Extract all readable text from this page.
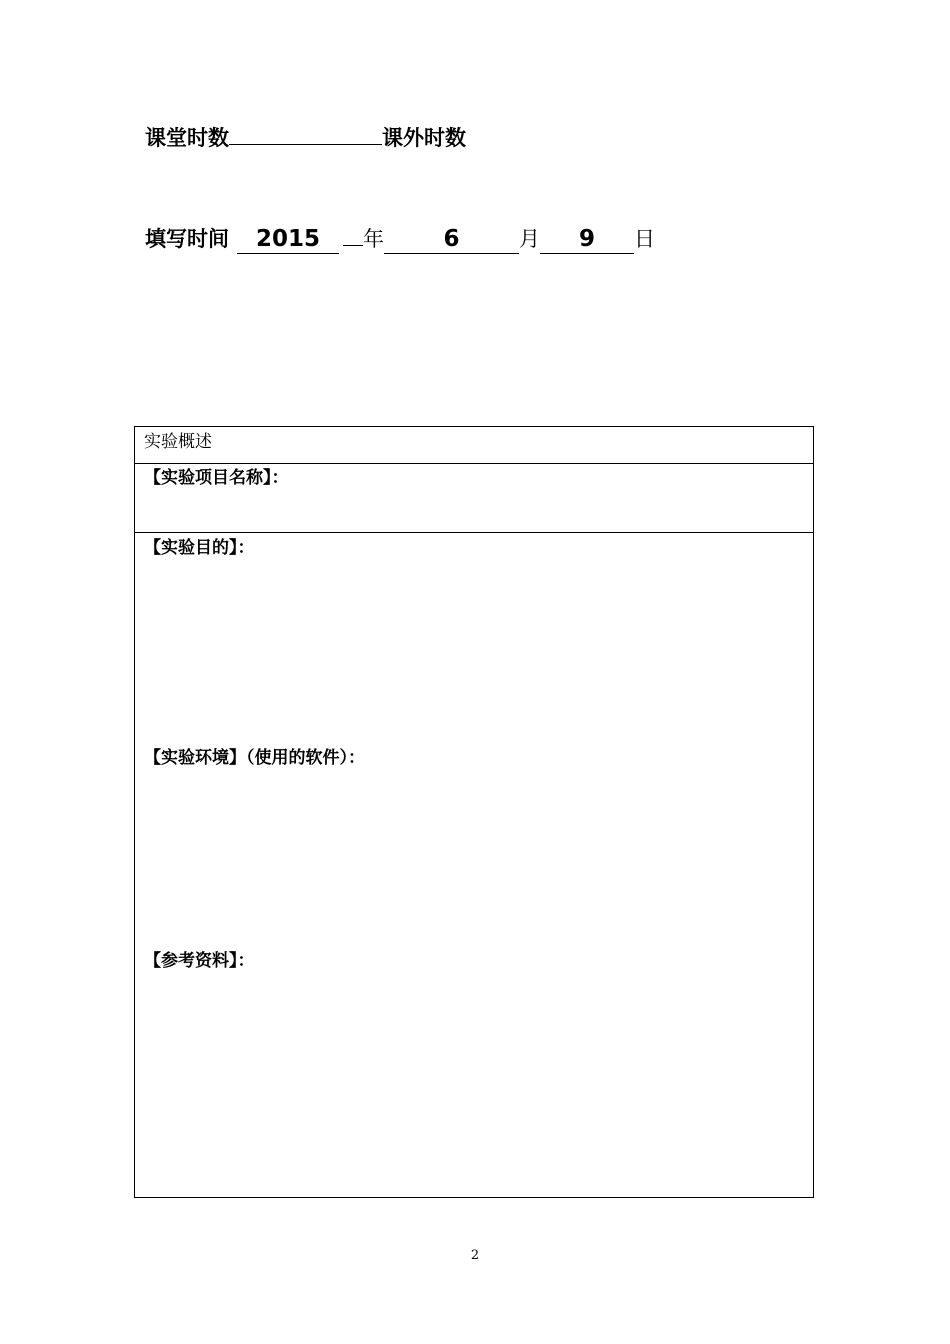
课堂时数	课外时数
填写时间 2015 年	6	月 9 日
实验概述
【实验项目名称】：
【实验目的】：
【实验环境】（使用的软件）：
【参考资料】：
2
